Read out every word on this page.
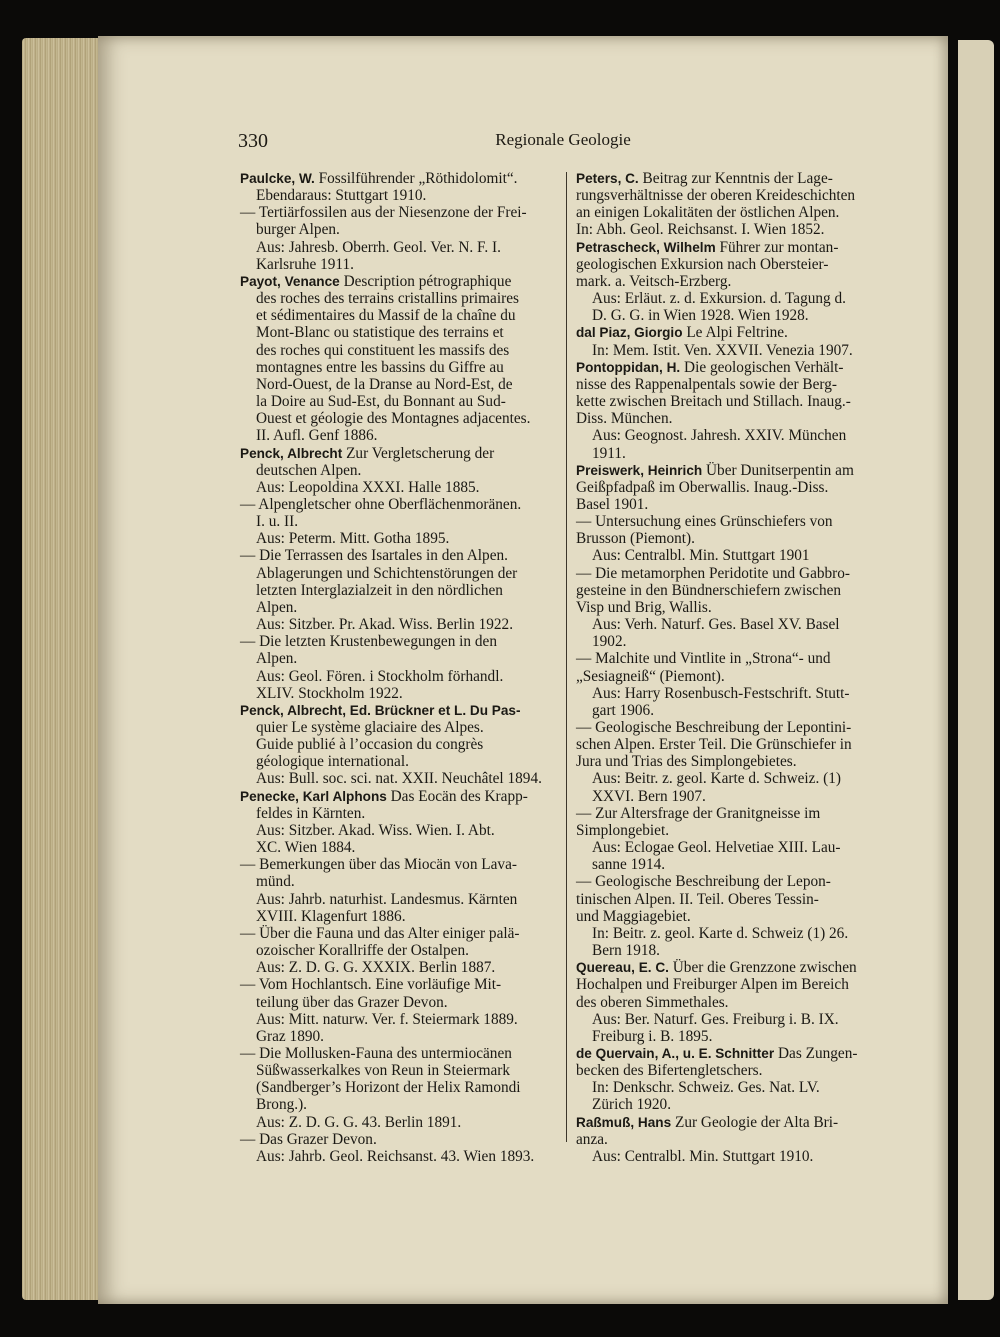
330	Regionale Geologie
Paulcke, W. Fossilführender „Röthidolomit“.
Ebendaraus: Stuttgart 1910.
— Tertiärfossilen aus der Niesenzone der Frei-
burger Alpen.
Aus: Jahresb. Oberrh. Geol. Ver. N. F. I.
Karlsruhe 1911.
Payot, Venance Description pétrographique
des roches des terrains cristallins primaires
et sédimentaires du Massif de la chaîne du
Mont-Blanc ou statistique des terrains et
des roches qui constituent les massifs des
montagnes entre les bassins du Giffre au
Nord-Ouest, de la Dranse au Nord-Est, de
la Doire au Sud-Est, du Bonnant au Sud-
Ouest et géologie des Montagnes adjacentes.
II. Aufl. Genf 1886.
Penck, Albrecht Zur Vergletscherung der
deutschen Alpen.
Aus: Leopoldina XXXI. Halle 1885.
— Alpengletscher ohne Oberflächenmoränen.
I. u. II.
Aus: Peterm. Mitt. Gotha 1895.
— Die Terrassen des Isartales in den Alpen.
Ablagerungen und Schichtenstörungen der
letzten Interglazialzeit in den nördlichen
Alpen.
Aus: Sitzber. Pr. Akad. Wiss. Berlin 1922.
— Die letzten Krustenbewegungen in den
Alpen.
Aus: Geol. Fören. i Stockholm förhandl.
XLIV. Stockholm 1922.
Penck, Albrecht, Ed. Brückner et L. Du Pas-
quier Le système glaciaire des Alpes.
Guide publié à l’occasion du congrès
géologique international.
Aus: Bull. soc. sci. nat. XXII. Neuchâtel 1894.
Penecke, Karl Alphons Das Eocän des Krapp-
feldes in Kärnten.
Aus: Sitzber. Akad. Wiss. Wien. I. Abt.
XC. Wien 1884.
— Bemerkungen über das Miocän von Lava-
münd.
Aus: Jahrb. naturhist. Landesmus. Kärnten
XVIII. Klagenfurt 1886.
— Über die Fauna und das Alter einiger palä-
ozoischer Korallriffe der Ostalpen.
Aus: Z. D. G. G. XXXIX. Berlin 1887.
— Vom Hochlantsch. Eine vorläufige Mit-
teilung über das Grazer Devon.
Aus: Mitt. naturw. Ver. f. Steiermark 1889.
Graz 1890.
— Die Mollusken-Fauna des untermiocänen
Süßwasserkalkes von Reun in Steiermark
(Sandberger’s Horizont der Helix Ramondi
Brong.).
Aus: Z. D. G. G. 43. Berlin 1891.
— Das Grazer Devon.
Aus: Jahrb. Geol. Reichsanst. 43. Wien 1893.
Peters, C. Beitrag zur Kenntnis der Lage-
rungsverhältnisse der oberen Kreideschichten
an einigen Lokalitäten der östlichen Alpen.
In: Abh. Geol. Reichsanst. I. Wien 1852.
Petrascheck, Wilhelm Führer zur montan-
geologischen Exkursion nach Obersteier-
mark. a. Veitsch-Erzberg.
Aus: Erläut. z. d. Exkursion. d. Tagung d.
D. G. G. in Wien 1928. Wien 1928.
dal Piaz, Giorgio Le Alpi Feltrine.
In: Mem. Istit. Ven. XXVII. Venezia 1907.
Pontoppidan, H. Die geologischen Verhält-
nisse des Rappenalpentals sowie der Berg-
kette zwischen Breitach und Stillach. Inaug.-
Diss. München.
Aus: Geognost. Jahresh. XXIV. München
1911.
Preiswerk, Heinrich Über Dunitserpentin am
Geißpfadpaß im Oberwallis. Inaug.-Diss.
Basel 1901.
— Untersuchung eines Grünschiefers von
Brusson (Piemont).
Aus: Centralbl. Min. Stuttgart 1901
— Die metamorphen Peridotite und Gabbro-
gesteine in den Bündnerschiefern zwischen
Visp und Brig, Wallis.
Aus: Verh. Naturf. Ges. Basel XV. Basel
1902.
— Malchite und Vintlite in „Strona“- und
„Sesiagneiß“ (Piemont).
Aus: Harry Rosenbusch-Festschrift. Stutt-
gart 1906.
— Geologische Beschreibung der Lepontini-
schen Alpen. Erster Teil. Die Grünschiefer in
Jura und Trias des Simplongebietes.
Aus: Beitr. z. geol. Karte d. Schweiz. (1)
XXVI. Bern 1907.
— Zur Altersfrage der Granitgneisse im
Simplongebiet.
Aus: Eclogae Geol. Helvetiae XIII. Lau-
sanne 1914.
— Geologische Beschreibung der Lepon-
tinischen Alpen. II. Teil. Oberes Tessin-
und Maggiagebiet.
In: Beitr. z. geol. Karte d. Schweiz (1) 26.
Bern 1918.
Quereau, E. C. Über die Grenzzone zwischen
Hochalpen und Freiburger Alpen im Bereich
des oberen Simmethales.
Aus: Ber. Naturf. Ges. Freiburg i. B. IX.
Freiburg i. B. 1895.
de Quervain, A., u. E. Schnitter Das Zungen-
becken des Bifertengletschers.
In: Denkschr. Schweiz. Ges. Nat. LV.
Zürich 1920.
Raßmuß, Hans Zur Geologie der Alta Bri-
anza.
Aus: Centralbl. Min. Stuttgart 1910.
